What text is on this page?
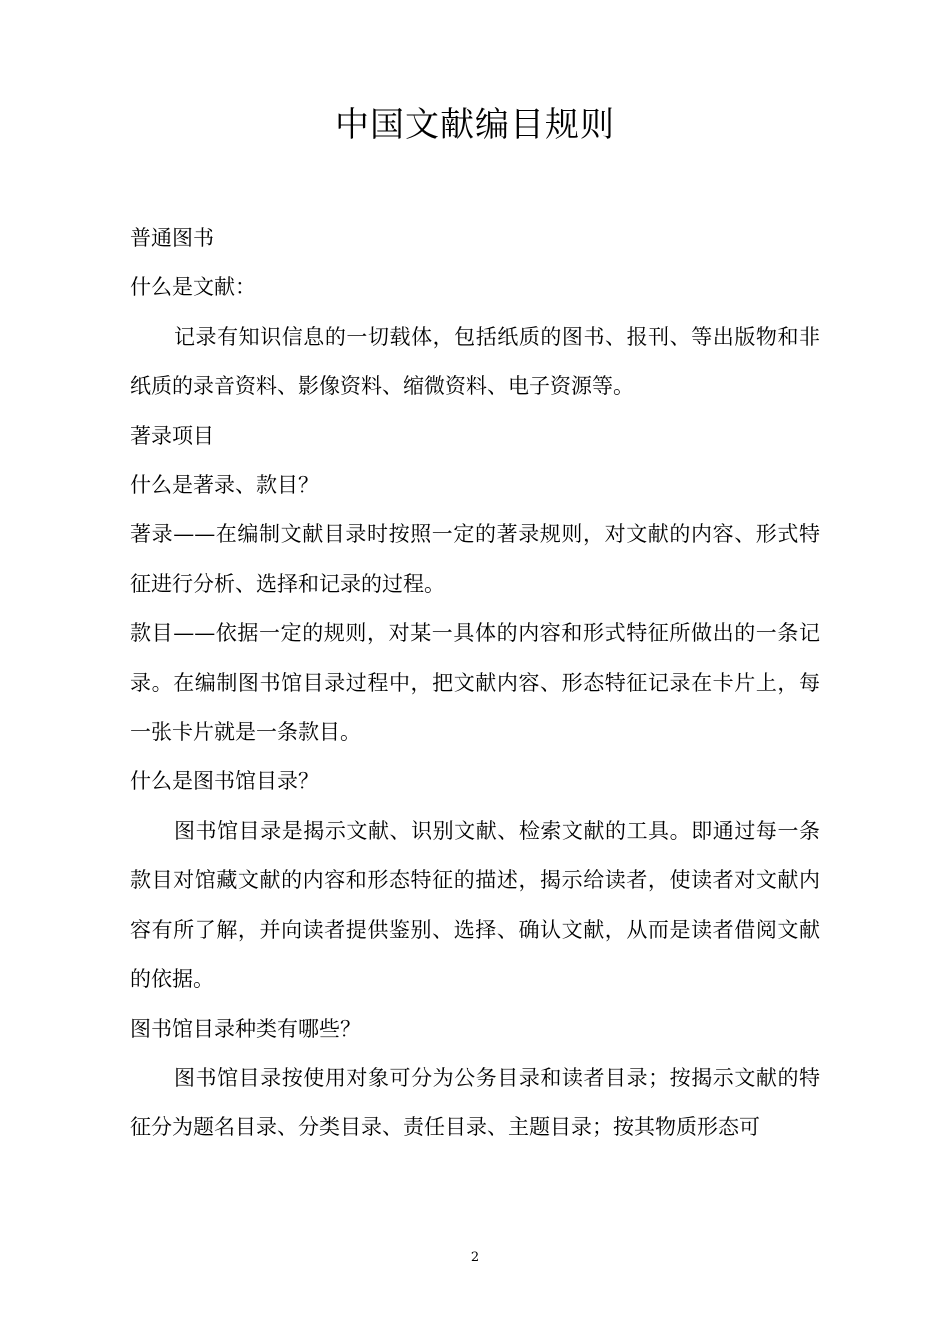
中国文献编目规则

普通图书

什么是文献：

记录有知识信息的一切载体，包括纸质的图书、报刊、等出版物和非纸质的录音资料、影像资料、缩微资料、电子资源等。

著录项目

什么是著录、款目？

著录——在编制文献目录时按照一定的著录规则，对文献的内容、形式特征进行分析、选择和记录的过程。

款目——依据一定的规则，对某一具体的内容和形式特征所做出的一条记录。在编制图书馆目录过程中，把文献内容、形态特征记录在卡片上，每一张卡片就是一条款目。

什么是图书馆目录？

图书馆目录是揭示文献、识别文献、检索文献的工具。即通过每一条款目对馆藏文献的内容和形态特征的描述，揭示给读者，使读者对文献内容有所了解，并向读者提供鉴别、选择、确认文献，从而是读者借阅文献的依据。

图书馆目录种类有哪些？

图书馆目录按使用对象可分为公务目录和读者目录；按揭示文献的特征分为题名目录、分类目录、责任目录、主题目录；按其物质形态可

2
